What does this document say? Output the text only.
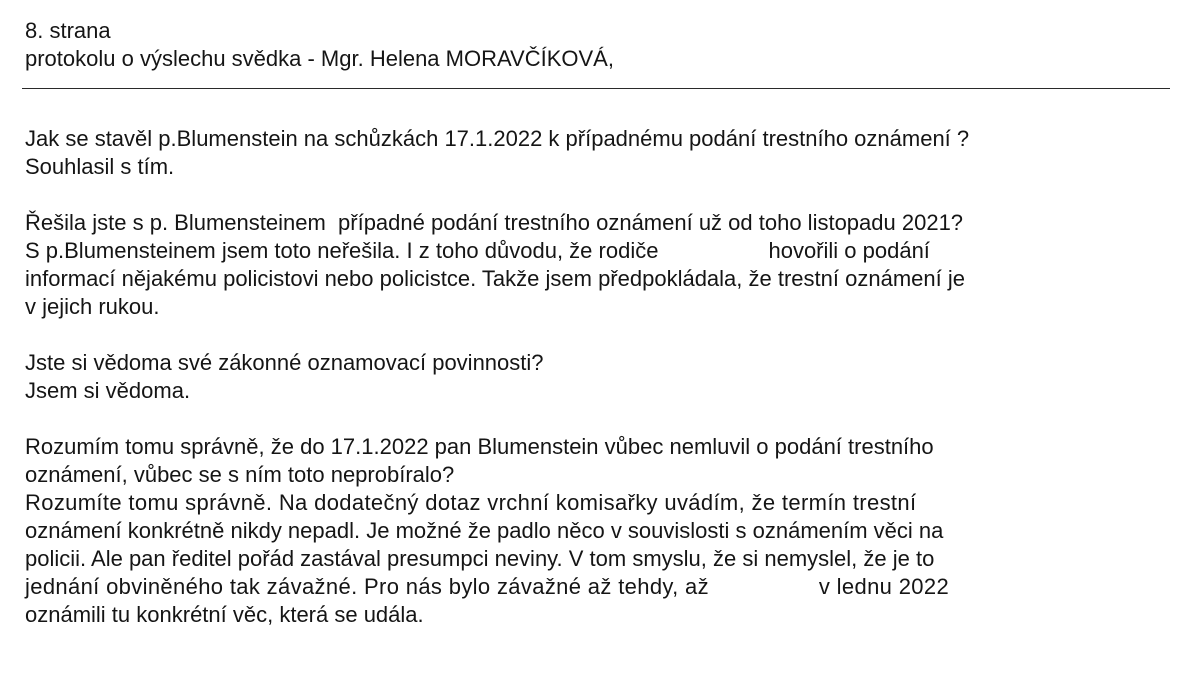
8. strana
protokolu o výslechu svědka - Mgr. Helena MORAVČÍKOVÁ,
Jak se stavěl p.Blumenstein na schůzkách 17.1.2022 k případnému podání trestního oznámení ?
Souhlasil s tím.
Řešila jste s p. Blumensteinem  případné podání trestního oznámení už od toho listopadu 2021?
S p.Blumensteinem jsem toto neřešila. I z toho důvodu, že rodiče                  hovořili o podání
informací nějakému policistovi nebo policistce. Takže jsem předpokládala, že trestní oznámení je
v jejich rukou.
Jste si vědoma své zákonné oznamovací povinnosti?
Jsem si vědoma.
Rozumím tomu správně, že do 17.1.2022 pan Blumenstein vůbec nemluvil o podání trestního
oznámení, vůbec se s ním toto neprobíralo?
Rozumíte tomu správně. Na dodatečný dotaz vrchní komisařky uvádím, že termín trestní
oznámení konkrétně nikdy nepadl. Je možné že padlo něco v souvislosti s oznámením věci na
policii. Ale pan ředitel pořád zastával presumpci neviny. V tom smyslu, že si nemyslel, že je to
jednání obviněného tak závažné. Pro nás bylo závažné až tehdy, až                 v lednu 2022
oznámili tu konkrétní věc, která se udála.
